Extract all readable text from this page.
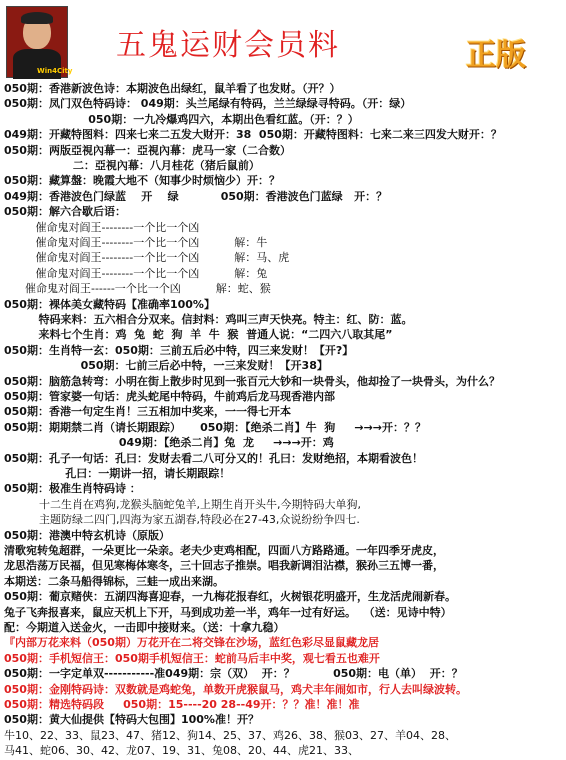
Win4City
五鬼运财会员料	正版
050期：香港新波色诗：本期波色出绿红，鼠羊看了也发财。（开？）
050期：凤门双色特码诗： 049期：头兰尾绿有特码，兰兰绿绿寻特码。（开：绿）
050期：一九冷爆鸡四六，本期出色看红蓝。（开：？）
049期：开藏特图料：四来七来二五发大财开：38  050期：开藏特图料：七来二来三四发大财开：？
050期：两版亞視內幕一：亞視內幕：虎马一家（二合数）
二：亞視內幕：八月桂花（猪后鼠前）
050期：藏算盤：晚霞大地不（知事少时烦恼少）开：？
049期：香港波色门绿蓝    开    绿           050期：香港波色门蓝绿   开：？
050期：解六合歇后语：
催命鬼对阎王--------一个比一个凶
催命鬼对阎王--------一个比一个凶          解：牛
催命鬼对阎王--------一个比一个凶          解：马、虎
催命鬼对阎王--------一个比一个凶          解：兔
催命鬼对阎王------一个比一个凶          解：蛇、猴
050期：裸体美女藏特码【准确率100%】
特码来料：五六相合分双来。信封料：鸡叫三声天快亮。特主：红、防：蓝。
来料七个生肖：鸡  兔  蛇  狗  羊  牛  猴  普通人说：“二四六八取其尾”
050期：生肖特一玄：050期：三前五后必中特，四三来发财！【开?】
050期：七前三后必中特，一三来发财！【开38】
050期：脑筋急转弯：小明在街上散步时见到一张百元大钞和一块骨头，他却捡了一块骨头，为什么？
050期：管家婆一句话：虎头蛇尾中特码，牛前鸡后龙马现香港内部
050期：香港一句定生肖！三五相加中奖来，一一得七开本
050期：期期禁二肖（请长期跟踪）     050期：【绝杀二肖】牛  狗     →→→开：？？
049期：【绝杀二肖】兔  龙     →→→开：鸡
050期：孔子一句话：孔曰：发财去看二八可分又的！孔曰：发财绝招，本期看波色！
孔曰：一期讲一招，请长期跟踪！
050期：极准生肖特码诗 ：
十二生肖在鸡狗,龙猴头脑蛇兔羊,上期生肖开头牛,今期特码大单狗,
主题防绿二四门,四海为家五湖春,特段必在27-43,众说纷纷争四七.
050期：港澳中特玄机诗（原版）
清歌宛转兔超群，一朵更比一朵亲。老夫少吏鸡相配，四面八方路路通。一年四季牙虎皮，
龙思浩荡万民福，但见寒梅体寒冬，三十回志子推崇。唱我新调泪沾襟，猴孙三五博一番，
本期送：二条马船得锦标，三蛙一成出来湖。
050期：葡京赌侠：五湖四海喜迎春，一九梅花报春红，火树银花明盛开，生龙活虎闹新春。
兔子飞奔报喜来，鼠应天机上下开，马到成功差一半，鸡年一过有好运。  （送：见诗中特）
配：今期道入送金火，一击即中接财来。（送：十拿九稳）
『内部万花来料（050期）万花开在二将交锋在沙场，蓝红色彩尽显鼠藏龙居
050期：手机短信王：050期手机短信王：蛇前马后丰中奖，观七看五也难开
050期：一字定单双-----------准049期：宗（双）  开：？          050期：电（单）  开：？
050期：金刚特码诗：双数就是鸡蛇兔，单数开虎猴鼠马，鸡犬丰年闹如市，行人去叫绿波转。
050期：精选特码段     050期：15----20 28--49开：？？准！准！准
050期：黄大仙提供【特码大包围】100%准！开？
牛10、22、33、鼠23、47、猪12、狗14、25、37、鸡26、38、猴03、27、羊04、28、
马41、蛇06、30、42、龙07、19、31、兔08、20、44、虎21、33、
